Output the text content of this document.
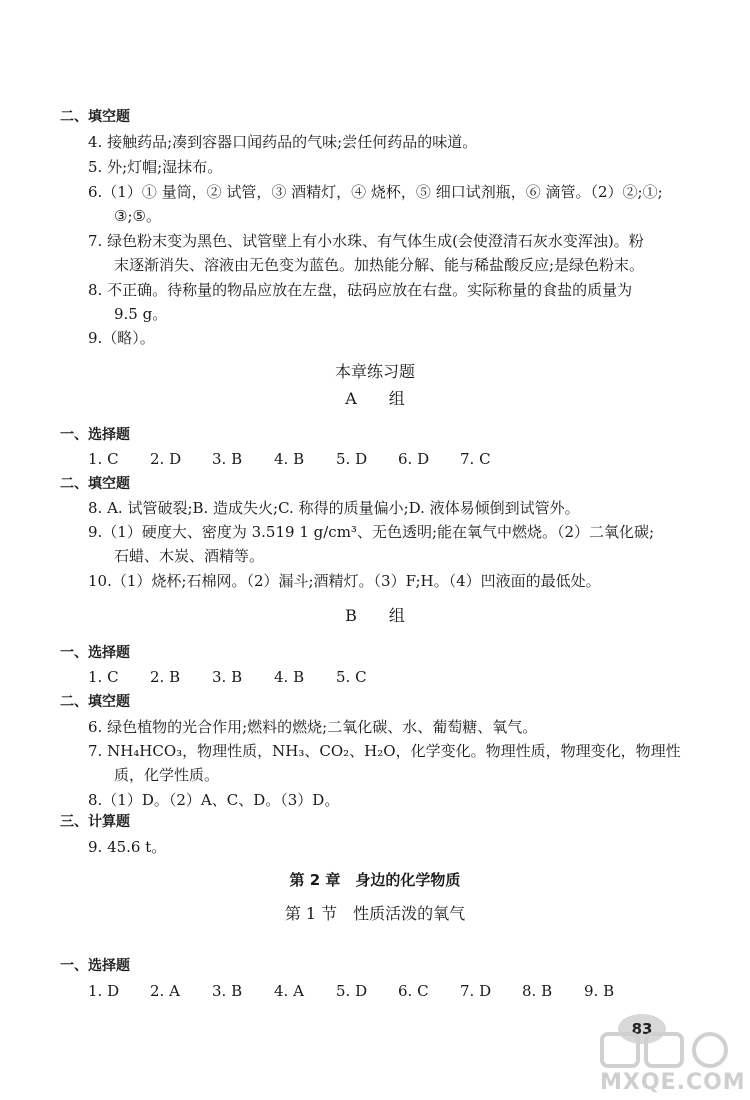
二、填空题
4. 接触药品;凑到容器口闻药品的气味;尝任何药品的味道。
5. 外;灯帽;湿抹布。
6.（1）① 量筒，② 试管，③ 酒精灯，④ 烧杯，⑤ 细口试剂瓶，⑥ 滴管。（2）②;①;
③;⑤。
7. 绿色粉末变为黑色、试管壁上有小水珠、有气体生成(会使澄清石灰水变浑浊)。粉
末逐渐消失、溶液由无色变为蓝色。加热能分解、能与稀盐酸反应;是绿色粉末。
8. 不正确。待称量的物品应放在左盘，砝码应放在右盘。实际称量的食盐的质量为
9.5 g。
9.（略）。
本章练习题
A　　组
一、选择题
1. C	2. D	3. B	4. B	5. D	6. D	7. C
二、填空题
8. A. 试管破裂;B. 造成失火;C. 称得的质量偏小;D. 液体易倾倒到试管外。
9.（1）硬度大、密度为 3.519 1 g/cm³、无色透明;能在氧气中燃烧。（2）二氧化碳;
石蜡、木炭、酒精等。
10.（1）烧杯;石棉网。（2）漏斗;酒精灯。（3）F;H。（4）凹液面的最低处。
B　　组
一、选择题
1. C	2. B	3. B	4. B	5. C
二、填空题
6. 绿色植物的光合作用;燃料的燃烧;二氧化碳、水、葡萄糖、氧气。
7. NH₄HCO₃，物理性质，NH₃、CO₂、H₂O，化学变化。物理性质，物理变化，物理性
质，化学性质。
8.（1）D。（2）A、C、D。（3）D。
三、计算题
9. 45.6 t。
第 2 章　身边的化学物质
第 1 节　性质活泼的氧气
一、选择题
1. D	2. A	3. B	4. A	5. D	6. C	7. D	8. B	9. B
83
MXQE.COM
